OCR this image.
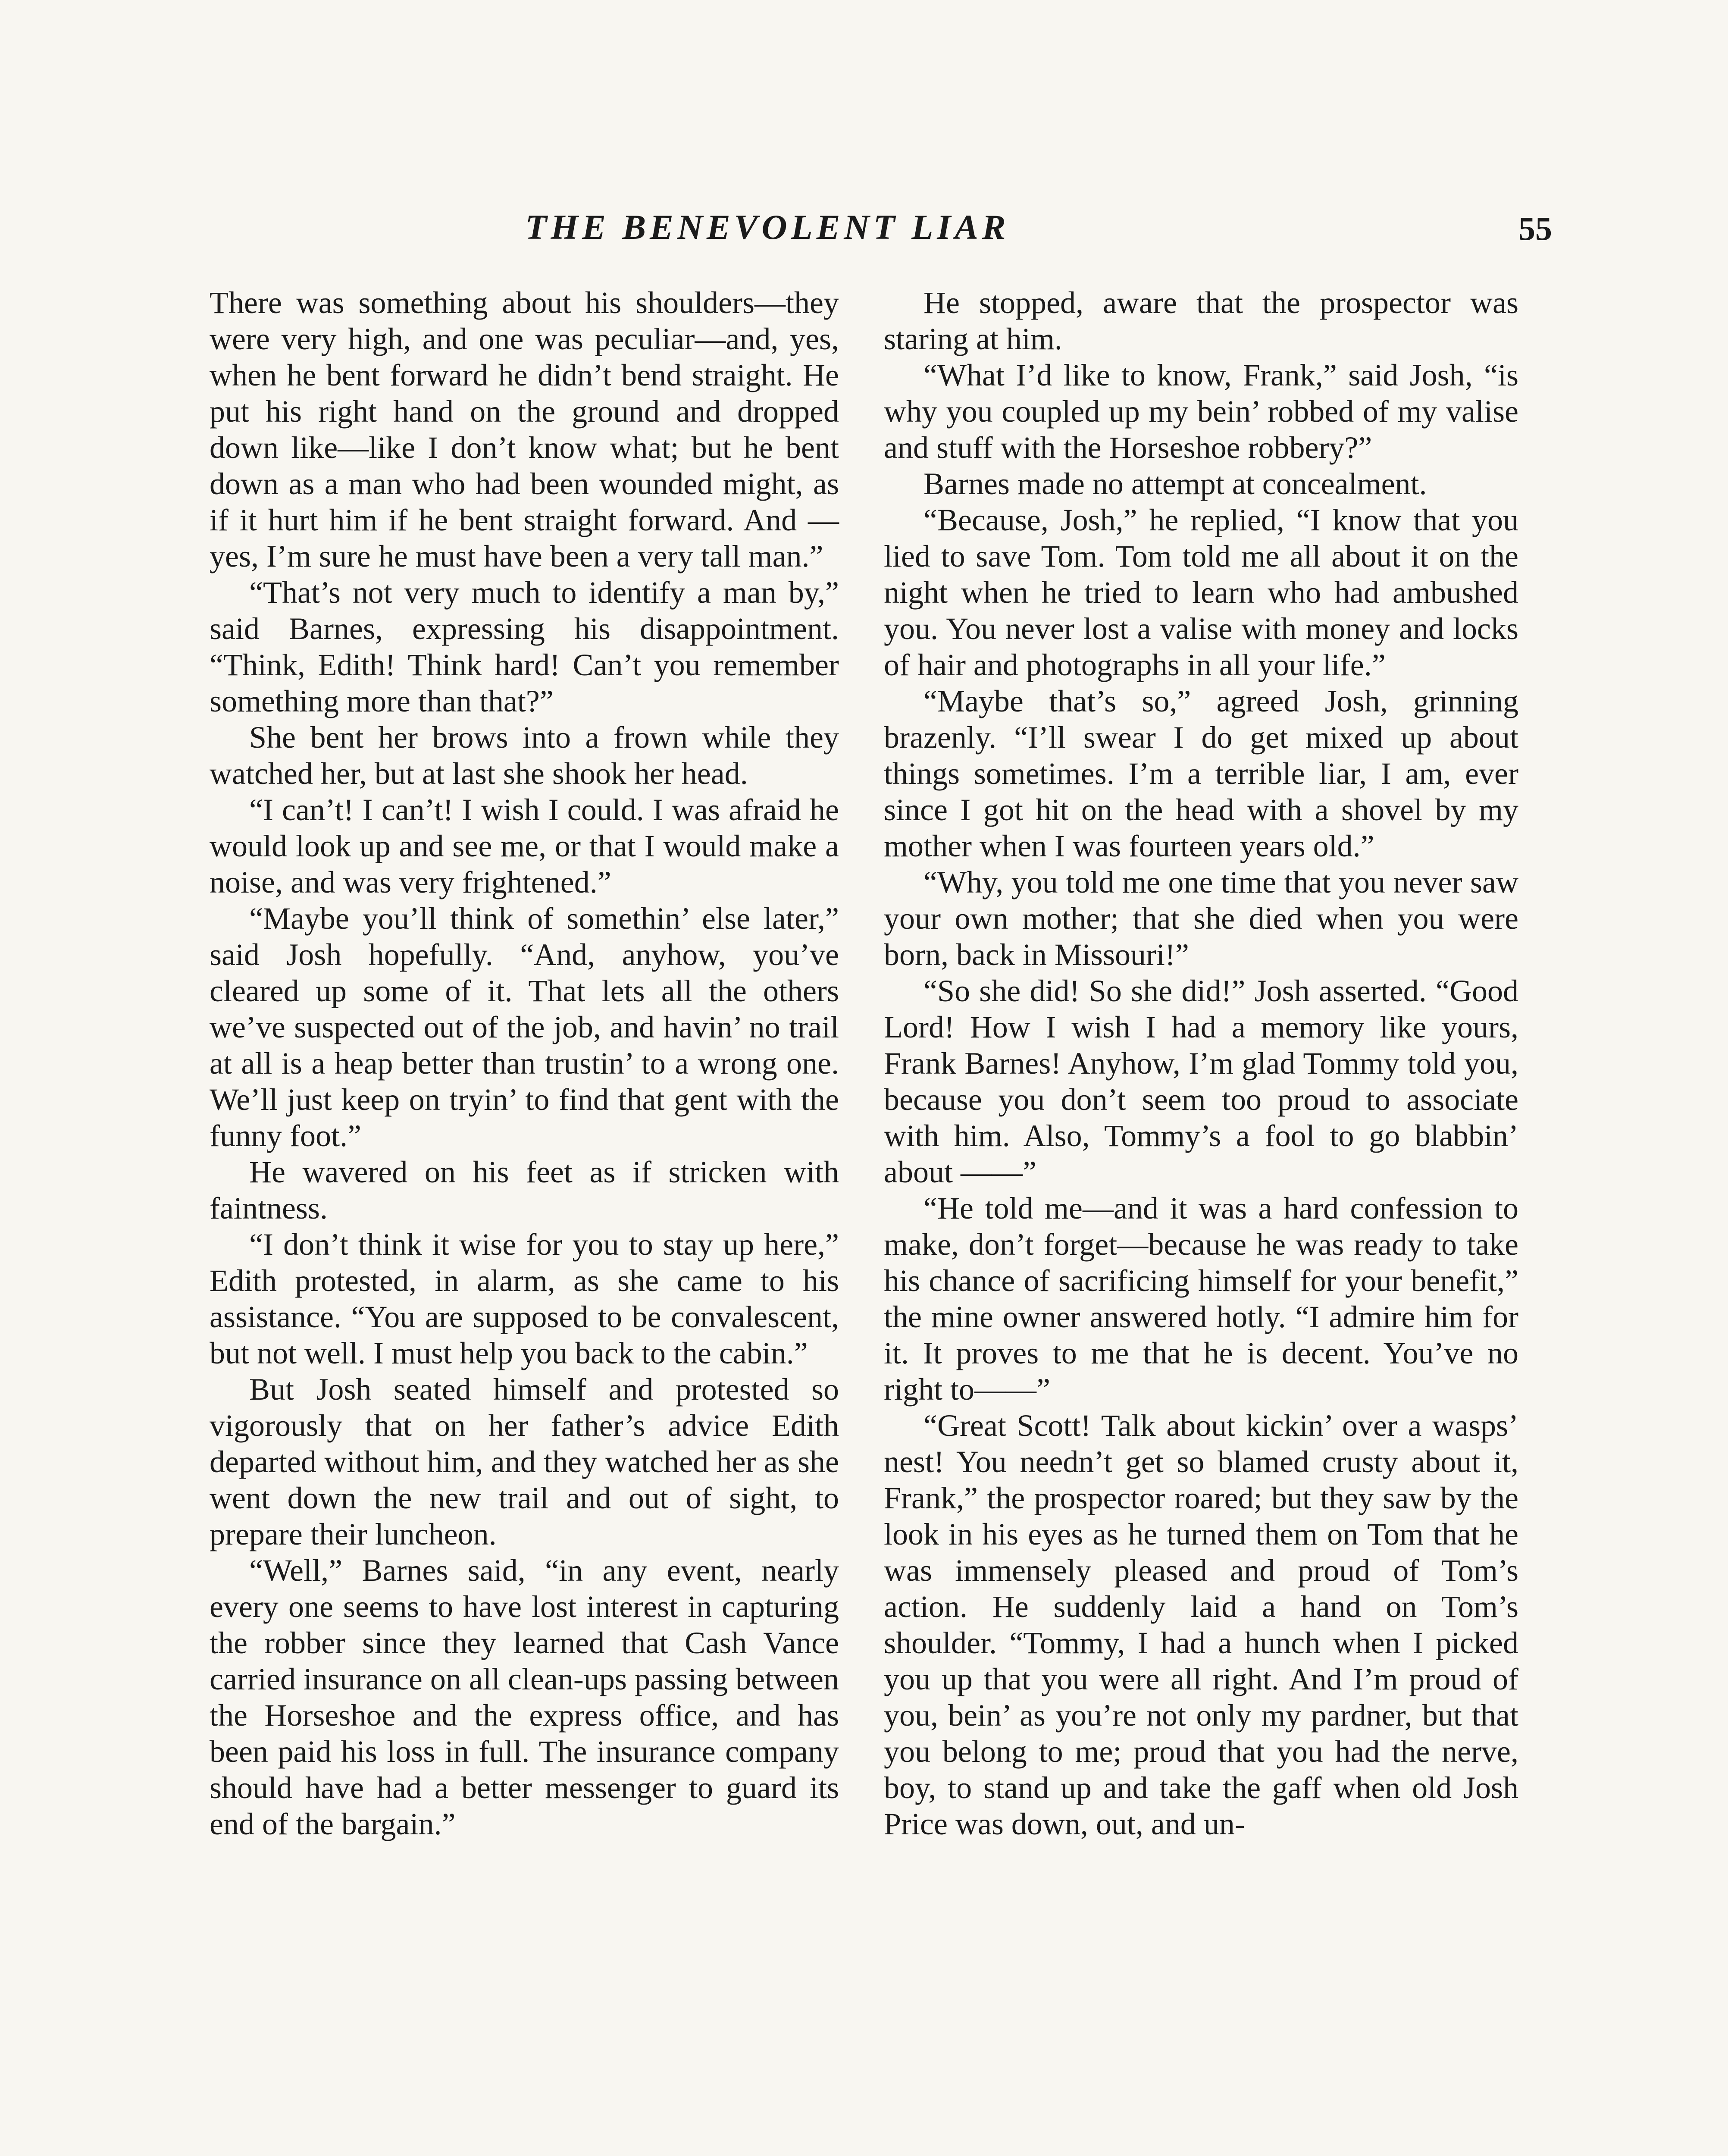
THE BENEVOLENT LIAR	55

There was something about his shoulders—they were very high, and one was peculiar—and, yes, when he bent forward he didn’t bend straight. He put his right hand on the ground and dropped down like—like I don’t know what; but he bent down as a man who had been wounded might, as if it hurt him if he bent straight forward. And —yes, I’m sure he must have been a very tall man.”

“That’s not very much to identify a man by,” said Barnes, expressing his disappointment. “Think, Edith! Think hard! Can’t you remember something more than that?”

She bent her brows into a frown while they watched her, but at last she shook her head.

“I can’t! I can’t! I wish I could. I was afraid he would look up and see me, or that I would make a noise, and was very frightened.”

“Maybe you’ll think of somethin’ else later,” said Josh hopefully. “And, anyhow, you’ve cleared up some of it. That lets all the others we’ve suspected out of the job, and havin’ no trail at all is a heap better than trustin’ to a wrong one. We’ll just keep on tryin’ to find that gent with the funny foot.”

He wavered on his feet as if stricken with faintness.

“I don’t think it wise for you to stay up here,” Edith protested, in alarm, as she came to his assistance. “You are supposed to be convalescent, but not well. I must help you back to the cabin.”

But Josh seated himself and protested so vigorously that on her father’s advice Edith departed without him, and they watched her as she went down the new trail and out of sight, to prepare their luncheon.

“Well,” Barnes said, “in any event, nearly every one seems to have lost interest in capturing the robber since they learned that Cash Vance carried insurance on all clean-ups passing between the Horseshoe and the express office, and has been paid his loss in full. The insurance company should have had a better messenger to guard its end of the bargain.”

He stopped, aware that the prospector was staring at him.

“What I’d like to know, Frank,” said Josh, “is why you coupled up my bein’ robbed of my valise and stuff with the Horseshoe robbery?”

Barnes made no attempt at concealment.

“Because, Josh,” he replied, “I know that you lied to save Tom. Tom told me all about it on the night when he tried to learn who had ambushed you. You never lost a valise with money and locks of hair and photographs in all your life.”

“Maybe that’s so,” agreed Josh, grinning brazenly. “I’ll swear I do get mixed up about things sometimes. I’m a terrible liar, I am, ever since I got hit on the head with a shovel by my mother when I was fourteen years old.”

“Why, you told me one time that you never saw your own mother; that she died when you were born, back in Missouri!”

“So she did! So she did!” Josh asserted. “Good Lord! How I wish I had a memory like yours, Frank Barnes! Anyhow, I’m glad Tommy told you, because you don’t seem too proud to associate with him. Also, Tommy’s a fool to go blabbin’ about ——”

“He told me—and it was a hard confession to make, don’t forget—because he was ready to take his chance of sacrificing himself for your benefit,” the mine owner answered hotly. “I admire him for it. It proves to me that he is decent. You’ve no right to——”

“Great Scott! Talk about kickin’ over a wasps’ nest! You needn’t get so blamed crusty about it, Frank,” the prospector roared; but they saw by the look in his eyes as he turned them on Tom that he was immensely pleased and proud of Tom’s action. He suddenly laid a hand on Tom’s shoulder. “Tommy, I had a hunch when I picked you up that you were all right. And I’m proud of you, bein’ as you’re not only my pardner, but that you belong to me; proud that you had the nerve, boy, to stand up and take the gaff when old Josh Price was down, out, and un-
